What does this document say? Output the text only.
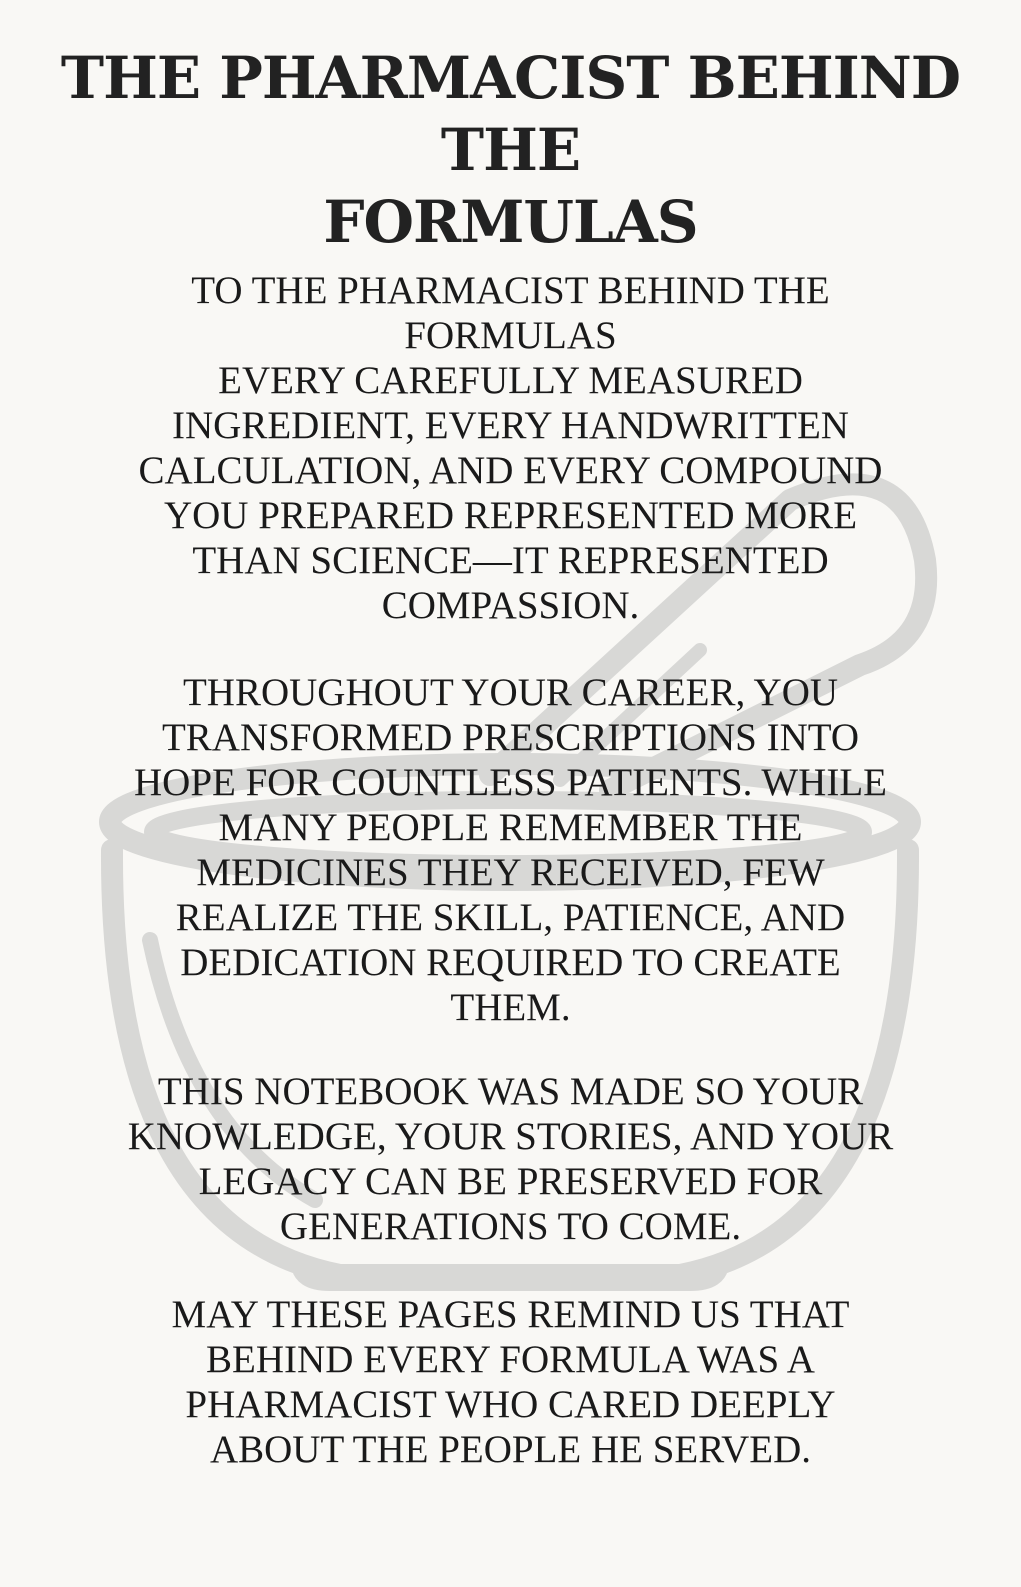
THE PHARMACIST BEHIND THE
FORMULAS

TO THE PHARMACIST BEHIND THE
FORMULAS
EVERY CAREFULLY MEASURED
INGREDIENT, EVERY HANDWRITTEN
CALCULATION, AND EVERY COMPOUND
YOU PREPARED REPRESENTED MORE
THAN SCIENCE—IT REPRESENTED
COMPASSION.

THROUGHOUT YOUR CAREER, YOU
TRANSFORMED PRESCRIPTIONS INTO
HOPE FOR COUNTLESS PATIENTS. WHILE
MANY PEOPLE REMEMBER THE
MEDICINES THEY RECEIVED, FEW
REALIZE THE SKILL, PATIENCE, AND
DEDICATION REQUIRED TO CREATE
THEM.

THIS NOTEBOOK WAS MADE SO YOUR
KNOWLEDGE, YOUR STORIES, AND YOUR
LEGACY CAN BE PRESERVED FOR
GENERATIONS TO COME.

MAY THESE PAGES REMIND US THAT
BEHIND EVERY FORMULA WAS A
PHARMACIST WHO CARED DEEPLY
ABOUT THE PEOPLE HE SERVED.
